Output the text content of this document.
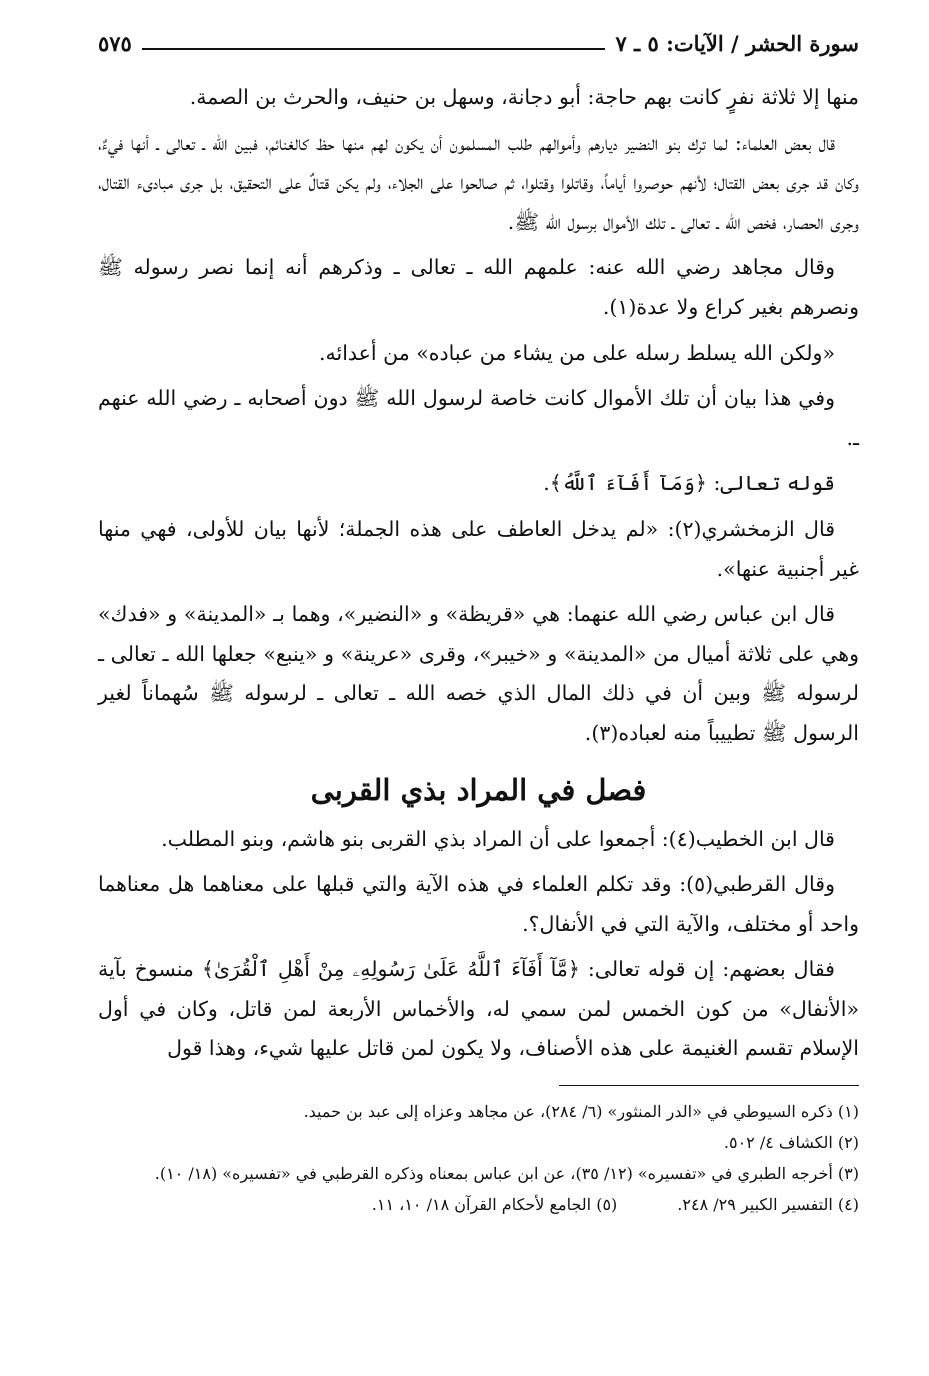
سورة الحشر / الآيات: ٥ ـ ٧
٥٧٥

منها إلا ثلاثة نفرٍ كانت بهم حاجة: أبو دجانة، وسهل بن حنيف، والحرث بن الصمة.

قال بعض العلماء: لما ترك بنو النضير ديارهم وأموالهم طلب المسلمون أن يكون لهم منها حظ كالغنائم، فبين الله ـ تعالى ـ أنها فيءٌ، وكان قد جرى بعض القتال؛ لأنهم حوصروا أياماً، وقاتلوا وقتلوا، ثم صالحوا على الجلاء، ولم يكن قتالٌ على التحقيق، بل جرى مبادىء القتال، وجرى الحصار، فخص الله ـ تعالى ـ تلك الأموال برسول الله ﷺ.

وقال مجاهد رضي الله عنه: علمهم الله ـ تعالى ـ وذكرهم أنه إنما نصر رسوله ﷺ ونصرهم بغير كراع ولا عدة(١).

«ولكن الله يسلط رسله على من يشاء من عباده» من أعدائه.

وفي هذا بيان أن تلك الأموال كانت خاصة لرسول الله ﷺ دون أصحابه ـ رضي الله عنهم ـ.

قوله تعالى: ﴿وَمَآ أَفَآءَ ٱللَّهُ﴾.

قال الزمخشري(٢): «لم يدخل العاطف على هذه الجملة؛ لأنها بيان للأولى، فهي منها غير أجنبية عنها».

قال ابن عباس رضي الله عنهما: هي «قريظة» و «النضير»، وهما بـ «المدينة» و «فدك» وهي على ثلاثة أميال من «المدينة» و «خيبر»، وقرى «عرينة» و «ينبع» جعلها الله ـ تعالى ـ لرسوله ﷺ وبين أن في ذلك المال الذي خصه الله ـ تعالى ـ لرسوله ﷺ سُهماناً لغير الرسول ﷺ تطييباً منه لعباده(٣).

فصل في المراد بذي القربى

قال ابن الخطيب(٤): أجمعوا على أن المراد بذي القربى بنو هاشم، وبنو المطلب.

وقال القرطبي(٥): وقد تكلم العلماء في هذه الآية والتي قبلها على معناهما هل معناهما واحد أو مختلف، والآية التي في الأنفال؟.

فقال بعضهم: إن قوله تعالى: ﴿مَّآ أَفَآءَ ٱللَّهُ عَلَىٰ رَسُولِهِۦ مِنْ أَهْلِ ٱلْقُرَىٰ﴾ منسوخ بآية «الأنفال» من كون الخمس لمن سمي له، والأخماس الأربعة لمن قاتل، وكان في أول الإسلام تقسم الغنيمة على هذه الأصناف، ولا يكون لمن قاتل عليها شيء، وهذا قول

(١) ذكره السيوطي في «الدر المنثور» (٦/ ٢٨٤)، عن مجاهد وعزاه إلى عبد بن حميد.

(٢) الكشاف ٤/ ٥٠٢.

(٣) أخرجه الطبري في «تفسيره» (١٢/ ٣٥)، عن ابن عباس بمعناه وذكره القرطبي في «تفسيره» (١٨/ ١٠).

(٤) التفسير الكبير ٢٩/ ٢٤٨.
(٥) الجامع لأحكام القرآن ١٨/ ١٠، ١١.
